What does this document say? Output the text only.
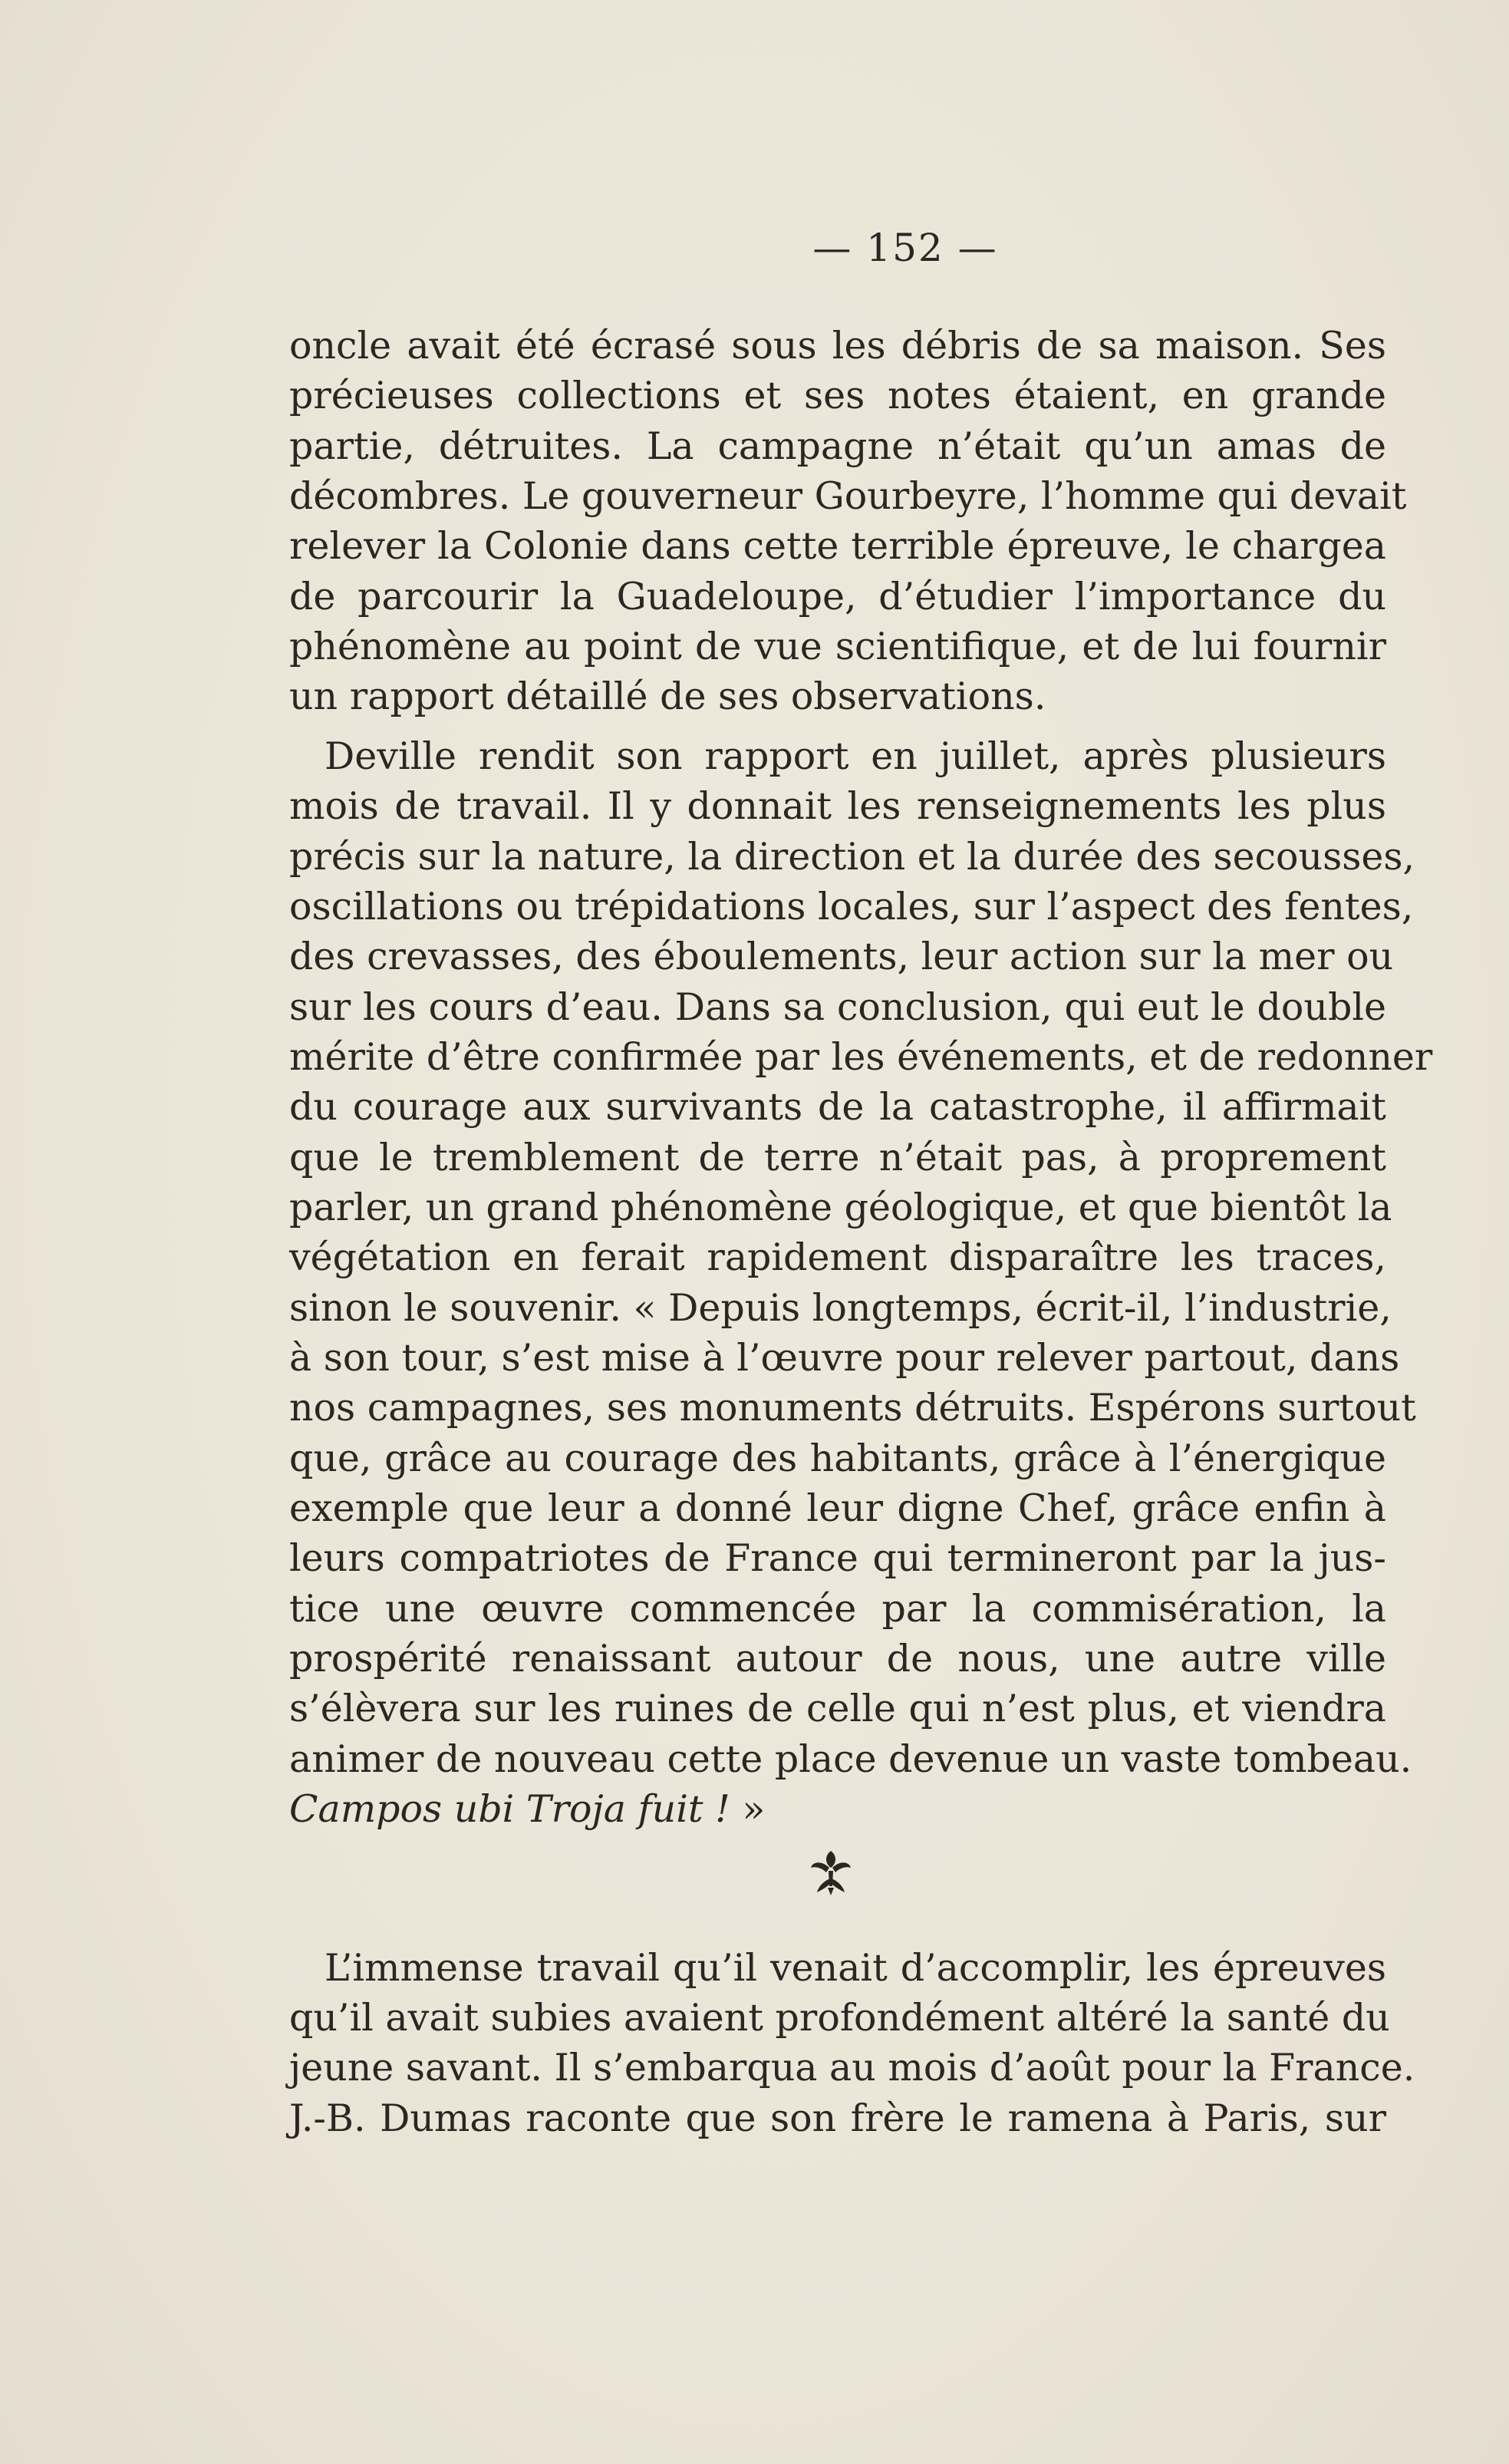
— 152 —
oncle avait été écrasé sous les débris de sa maison. Ses
précieuses collections et ses notes étaient, en grande
partie, détruites. La campagne n’était qu’un amas de
décombres. Le gouverneur Gourbeyre, l’homme qui devait
relever la Colonie dans cette terrible épreuve, le chargea
de parcourir la Guadeloupe, d’étudier l’importance du
phénomène au point de vue scientifique, et de lui fournir
un rapport détaillé de ses observations.
Deville rendit son rapport en juillet, après plusieurs
mois de travail. Il y donnait les renseignements les plus
précis sur la nature, la direction et la durée des secousses,
oscillations ou trépidations locales, sur l’aspect des fentes,
des crevasses, des éboulements, leur action sur la mer ou
sur les cours d’eau. Dans sa conclusion, qui eut le double
mérite d’être confirmée par les événements, et de redonner
du courage aux survivants de la catastrophe, il affirmait
que le tremblement de terre n’était pas, à proprement
parler, un grand phénomène géologique, et que bientôt la
végétation en ferait rapidement disparaître les traces,
sinon le souvenir. « Depuis longtemps, écrit-il, l’industrie,
à son tour, s’est mise à l’œuvre pour relever partout, dans
nos campagnes, ses monuments détruits. Espérons surtout
que, grâce au courage des habitants, grâce à l’énergique
exemple que leur a donné leur digne Chef, grâce enfin à
leurs compatriotes de France qui termineront par la jus-
tice une œuvre commencée par la commisération, la
prospérité renaissant autour de nous, une autre ville
s’élèvera sur les ruines de celle qui n’est plus, et viendra
animer de nouveau cette place devenue un vaste tombeau.
Campos ubi Troja fuit ! »
L’immense travail qu’il venait d’accomplir, les épreuves
qu’il avait subies avaient profondément altéré la santé du
jeune savant. Il s’embarqua au mois d’août pour la France.
J.-B. Dumas raconte que son frère le ramena à Paris, sur
